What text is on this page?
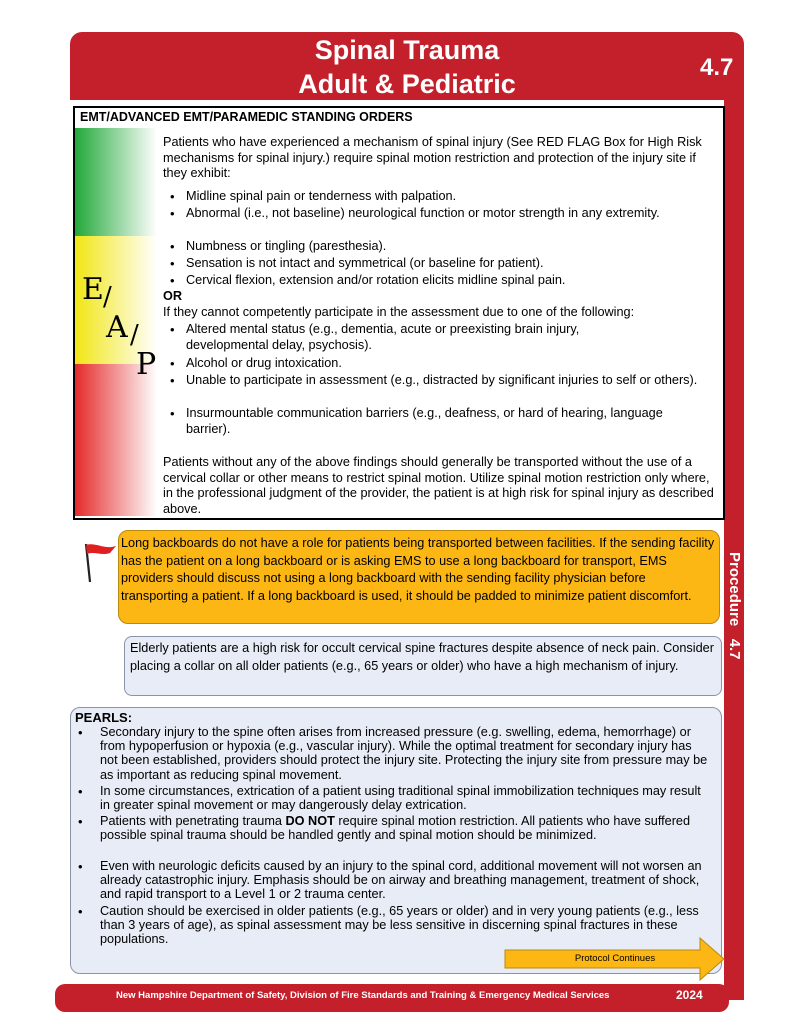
Spinal Trauma
Adult & Pediatric
4.7
Procedure   4.7
E /
A /
P
EMT/ADVANCED EMT/PARAMEDIC STANDING ORDERS
Patients who have experienced a mechanism of spinal injury (See RED FLAG Box for High Risk mechanisms for spinal injury.) require spinal motion restriction and protection of the injury site if they exhibit:
• Midline spinal pain or tenderness with palpation.
• Abnormal (i.e., not baseline) neurological function or motor strength in any extremity.
• Numbness or tingling (paresthesia).
• Sensation is not intact and symmetrical (or baseline for patient).
• Cervical flexion, extension and/or rotation elicits midline spinal pain.
OR
If they cannot competently participate in the assessment due to one of the following:
• Altered mental status (e.g., dementia, acute or preexisting brain injury, developmental delay, psychosis).
• Alcohol or drug intoxication.
• Unable to participate in assessment (e.g., distracted by significant injuries to self or others).
• Insurmountable communication barriers (e.g., deafness, or hard of hearing, language barrier).
Patients without any of the above findings should generally be transported without the use of a cervical collar or other means to restrict spinal motion. Utilize spinal motion restriction only where, in the professional judgment of the provider, the patient is at high risk for spinal injury as described above.
Long backboards do not have a role for patients being transported between facilities. If the sending facility has the patient on a long backboard or is asking EMS to use a long backboard for transport, EMS providers should discuss not using a long backboard with the sending facility physician before transporting a patient. If a long backboard is used, it should be padded to minimize patient discomfort.
Elderly patients are a high risk for occult cervical spine fractures despite absence of neck pain. Consider placing a collar on all older patients (e.g., 65 years or older) who have a high mechanism of injury.
PEARLS:
• Secondary injury to the spine often arises from increased pressure (e.g. swelling, edema, hemorrhage) or from hypoperfusion or hypoxia (e.g., vascular injury). While the optimal treatment for secondary injury has not been established, providers should protect the injury site. Protecting the injury site from pressure may be as important as reducing spinal movement.
• In some circumstances, extrication of a patient using traditional spinal immobilization techniques may result in greater spinal movement or may dangerously delay extrication.
• Patients with penetrating trauma DO NOT require spinal motion restriction. All patients who have suffered possible spinal trauma should be handled gently and spinal motion should be minimized.
• Even with neurologic deficits caused by an injury to the spinal cord, additional movement will not worsen an already catastrophic injury. Emphasis should be on airway and breathing management, treatment of shock, and rapid transport to a Level 1 or 2 trauma center.
• Caution should be exercised in older patients (e.g., 65 years or older) and in very young patients (e.g., less than 3 years of age), as spinal assessment may be less sensitive in discerning spinal fractures in these populations.
Protocol Continues
New Hampshire Department of Safety, Division of Fire Standards and Training & Emergency Medical Services	2024
